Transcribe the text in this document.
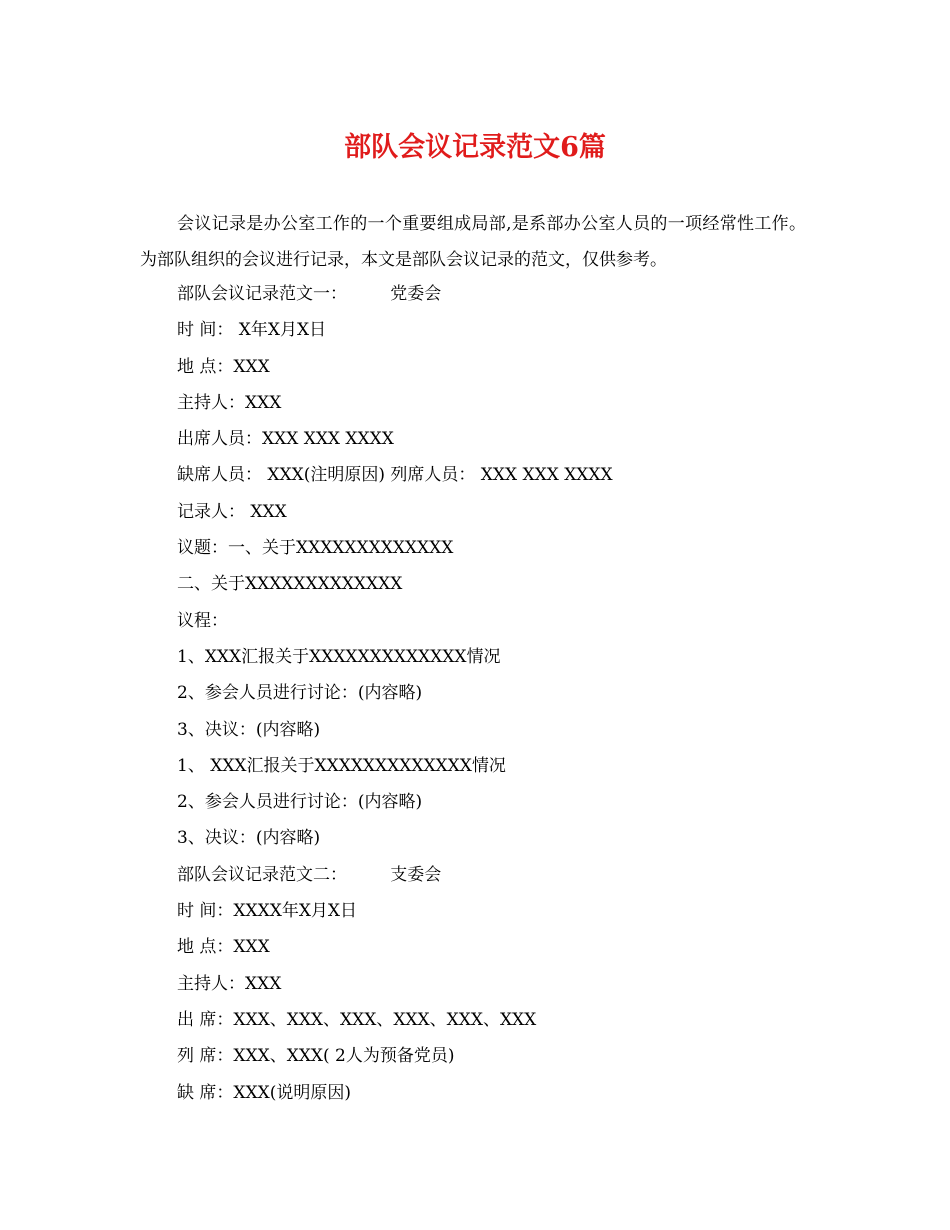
部队会议记录范文6篇
会议记录是办公室工作的一个重要组成局部,是系部办公室人员的一项经常性工作。为部队组织的会议进行记录，本文是部队会议记录的范文，仅供参考。
部队会议记录范文一：        党委会
时 间： X年X月X日
地 点：XXX
主持人：XXX
出席人员：XXX XXX XXXX
缺席人员： XXX(注明原因) 列席人员： XXX XXX XXXX
记录人： XXX
议题：一、关于XXXXXXXXXXXXX
二、关于XXXXXXXXXXXXX
议程：
1、XXX汇报关于XXXXXXXXXXXXX情况
2、参会人员进行讨论：(内容略)
3、决议：(内容略)
1、 XXX汇报关于XXXXXXXXXXXXX情况
2、参会人员进行讨论：(内容略)
3、决议：(内容略)
部队会议记录范文二：        支委会
时 间：XXXX年X月X日
地 点：XXX
主持人：XXX
出 席：XXX、XXX、XXX、XXX、XXX、XXX
列 席：XXX、XXX( 2人为预备党员)
缺 席：XXX(说明原因)
